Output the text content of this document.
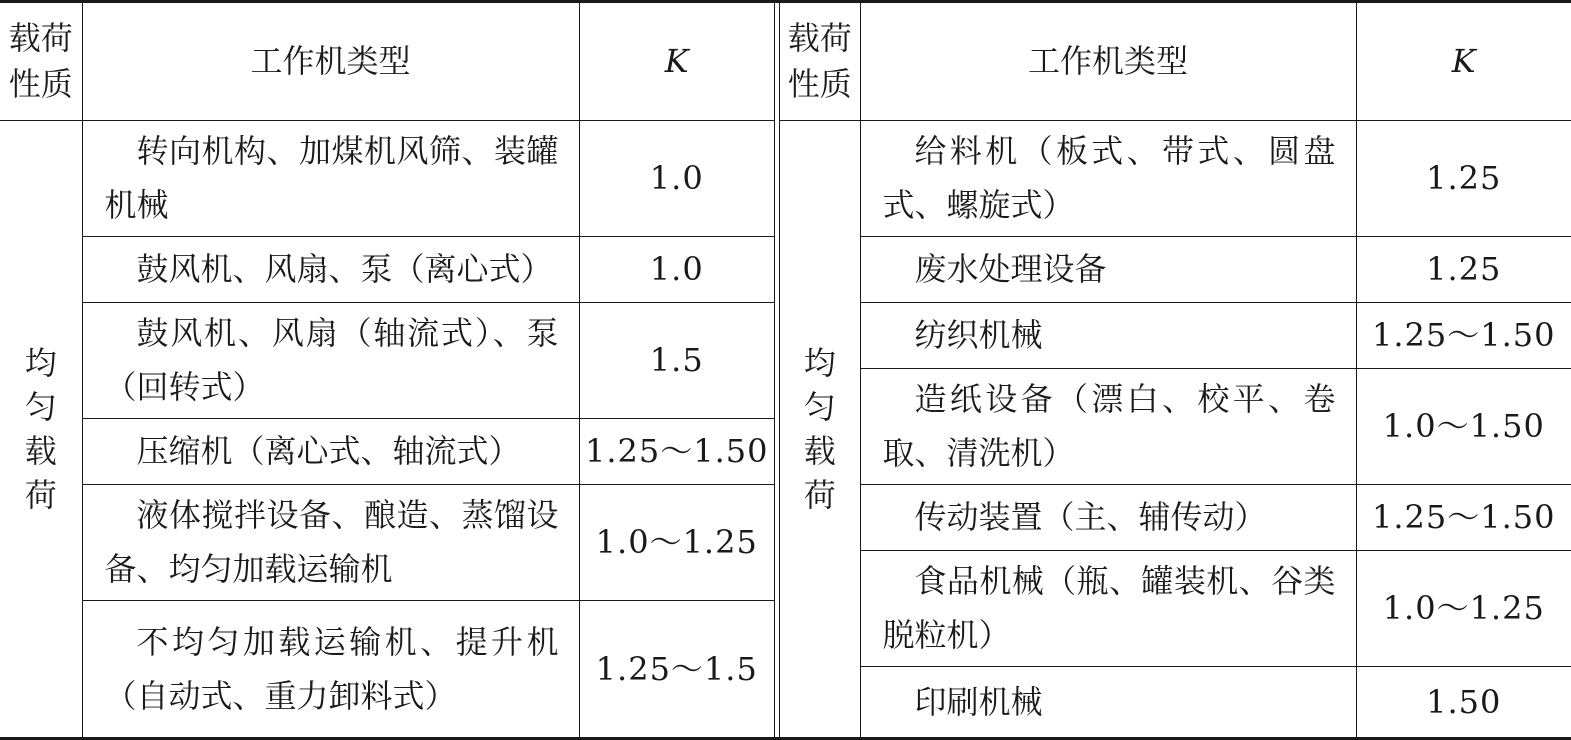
载荷
性质	工作机类型	K

均
匀
载
荷	转向机构、加煤机风筛、装罐机械	1.0
	鼓风机、风扇、泵（离心式）	1.0
	鼓风机、风扇（轴流式）、泵（回转式）	1.5
	压缩机（离心式、轴流式）	1.25～1.50
	液体搅拌设备、酿造、蒸馏设备、均匀加载运输机	1.0～1.25
	不均匀加载运输机、提升机（自动式、重力卸料式）	1.25～1.5
载荷
性质	工作机类型	K

均
匀
载
荷	给料机（板式、带式、圆盘式、螺旋式）	1.25
	废水处理设备	1.25
	纺织机械	1.25～1.50
	造纸设备（漂白、校平、卷取、清洗机）	1.0～1.50
	传动装置（主、辅传动）	1.25～1.50
	食品机械（瓶、罐装机、谷类脱粒机）	1.0～1.25
	印刷机械	1.50
